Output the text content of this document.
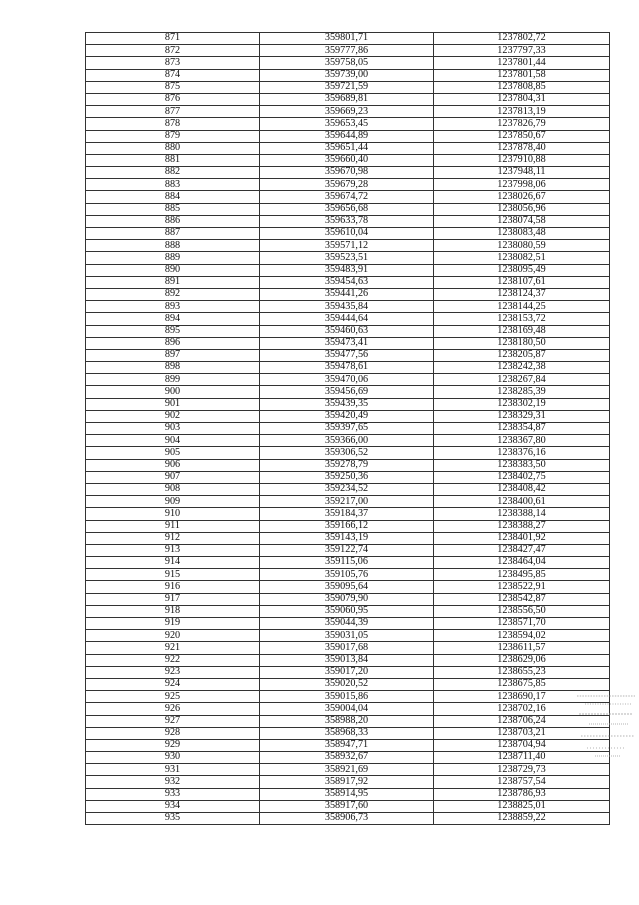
871	359801,71	1237802,72
872	359777,86	1237797,33
873	359758,05	1237801,44
874	359739,00	1237801,58
875	359721,59	1237808,85
876	359689,81	1237804,31
877	359669,23	1237813,19
878	359653,45	1237826,79
879	359644,89	1237850,67
880	359651,44	1237878,40
881	359660,40	1237910,88
882	359670,98	1237948,11
883	359679,28	1237998,06
884	359674,72	1238026,67
885	359656,68	1238056,96
886	359633,78	1238074,58
887	359610,04	1238083,48
888	359571,12	1238080,59
889	359523,51	1238082,51
890	359483,91	1238095,49
891	359454,63	1238107,61
892	359441,26	1238124,37
893	359435,84	1238144,25
894	359444,64	1238153,72
895	359460,63	1238169,48
896	359473,41	1238180,50
897	359477,56	1238205,87
898	359478,61	1238242,38
899	359470,06	1238267,84
900	359456,69	1238285,39
901	359439,35	1238302,19
902	359420,49	1238329,31
903	359397,65	1238354,87
904	359366,00	1238367,80
905	359306,52	1238376,16
906	359278,79	1238383,50
907	359250,36	1238402,75
908	359234,52	1238408,42
909	359217,00	1238400,61
910	359184,37	1238388,14
911	359166,12	1238388,27
912	359143,19	1238401,92
913	359122,74	1238427,47
914	359115,06	1238464,04
915	359105,76	1238495,85
916	359095,64	1238522,91
917	359079,90	1238542,87
918	359060,95	1238556,50
919	359044,39	1238571,70
920	359031,05	1238594,02
921	359017,68	1238611,57
922	359013,84	1238629,06
923	359017,20	1238655,23
924	359020,52	1238675,85
925	359015,86	1238690,17
926	359004,04	1238702,16
927	358988,20	1238706,24
928	358968,33	1238703,21
929	358947,71	1238704,94
930	358932,67	1238711,40
931	358921,69	1238729,73
932	358917,92	1238757,54
933	358914,95	1238786,93
934	358917,60	1238825,01
935	358906,73	1238859,22
